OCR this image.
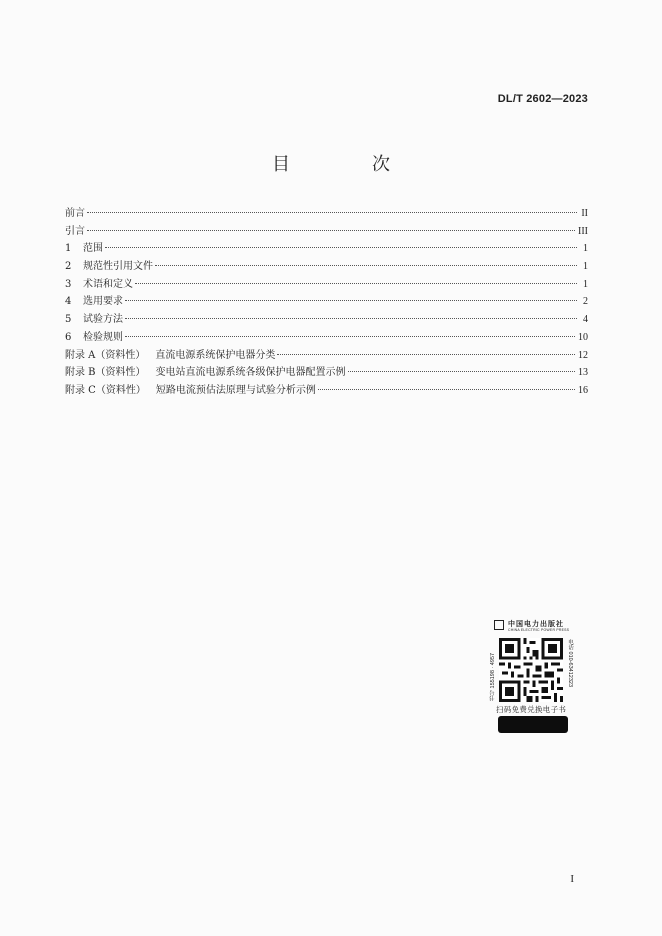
DL/T 2602—2023
目　次
前言	II
引言	III
1	范围	1
2	规范性引用文件	1
3	术语和定义	1
4	选用要求	2
5	试验方法	4
6	检验规则	10
附录 A（资料性） 直流电源系统保护电器分类	12
附录 B（资料性） 变电站直流电源系统各级保护电器配置示例	13
附录 C（资料性） 短路电流预估法原理与试验分析示例	16
中国电力出版社
CHINA ELECTRIC POWER PRESS
书号 155198 · 4957	电话 010-63412323
扫码免费兑换电子书
I
